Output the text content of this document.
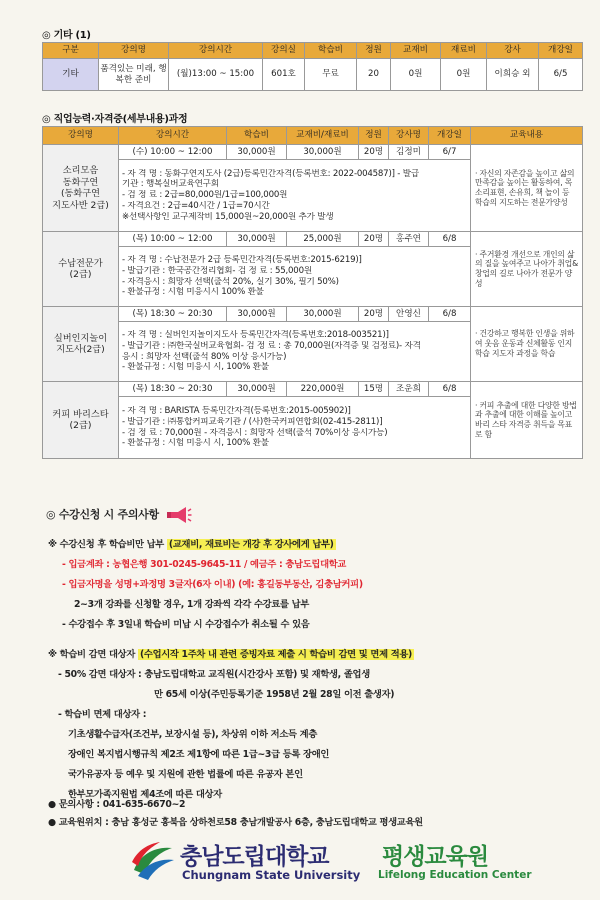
◎ 기타 (1)
구분	강의명	강의시간	강의실	학습비	정원	교재비	재료비	강사	개강일
기타	품격있는 미래, 행복한 준비	(월)13:00 ~ 15:00	601호	무료	20	0원	0원	이희승 외	6/5
◎ 직업능력·자격증(세부내용)과정
강의명	강의시간	학습비	교재비/재료비	정원	강사명	개강일	교육내용

소리모음
동화구연
(동화구연
지도사반 2급)	(수) 10:00 ~ 12:00	30,000원	30,000원	20명	김정미	6/7	· 자신의 자존감을 높이고 삶의 만족감을 높이는 활동하여, 목소리표현, 손유희, 책 놀이 등 학습의 지도하는 전문가양성

	- 자 격 명 : 동화구연지도사 (2급)등록민간자격(등록번호: 2022-004587)] - 발급
기관 : 행복실버교육연구회
- 검 정 료 : 2급=80,000원/1급=100,000원
- 자격요건 : 2급=40시간 / 1급=70시간
※선택사항인 교구제작비 15,000원~20,000원 추가 발생						

수납전문가
(2급)	(목) 10:00 ~ 12:00	30,000원	25,000원	20명	홍주연	6/8	· 주거환경 개선으로 개인의 삶의 질을 높여주고 나아가 취업& 창업의 길로 나아가 전문가 양성

	- 자 격 명 : 수납전문가 2급 등록민간자격(등록번호:2015-6219)]
- 발급기관 : 한국공간정리협회- 검 정 료 : 55,000원
- 자격응시 : 희망자 선택(출석 20%, 실기 30%, 필기 50%)
- 환불규정 : 시험 미응시시 100% 환불						

실버인지놀이
지도사(2급)	(목) 18:30 ~ 20:30	30,000원	30,000원	20명	안영신	6/8	· 건강하고 행복한 인생을 위하여 웃음 운동과 신체활동 인지학습 지도자 과정을 학습

	- 자 격 명 : 실버인지놀이지도사 등록민간자격(등록번호:2018-003521)]
- 발급기관 : ㈜한국실버교육협회- 검 정 료 : 총 70,000원(자격증 및 검정료)- 자격
응시 : 희망자 선택(출석 80% 이상 응시가능)
- 환불규정 : 시험 미응시 시, 100% 환불						

커피 바리스타
(2급)	(목) 18:30 ~ 20:30	30,000원	220,000원	15명	조운희	6/8	· 커피 추출에 대한 다양한 방법과 추출에 대한 이해를 높이고 바리 스타 자격증 취득을 목표로 함

	- 자 격 명 : BARISTA 등록민간자격(등록번호:2015-005902)]
- 발급기관 : ㈜통합커피교육기관 / (사)한국커피연합회(02-415-2811)]
- 검 정 료 : 70,000원 - 자격응시 : 희망자 선택(출석 70%이상 응시가능)
- 환불규정 : 시험 미응시 시, 100% 환불						
◎ 수강신청 시 주의사항
※ 수강신청 후 학습비만 납부 (교재비, 재료비는 개강 후 강사에게 납부)
- 입금계좌 : 농협은행 301-0245-9645-11 / 예금주 : 충남도립대학교
- 입금자명을 성명+과정명 3글자(6자 이내) (예: 홍길동부동산, 김충남커피)
2~3개 강좌를 신청할 경우, 1개 강좌씩 각각 수강료를 납부
- 수강접수 후 3일내 학습비 미납 시 수강접수가 취소될 수 있음
※ 학습비 감면 대상자 (수업시작 1주차 내 관련 증빙자료 제출 시 학습비 감면 및 면제 적용)
- 50% 감면 대상자 : 충남도립대학교 교직원(시간강사 포함) 및 재학생, 졸업생
만 65세 이상(주민등록기준 1958년 2월 28일 이전 출생자)
- 학습비 면제 대상자 :
기초생활수급자(조건부, 보장시설 등), 차상위 이하 저소득 계층
장애인 복지법시행규칙 제2조 제1항에 따른 1급~3급 등록 장애인
국가유공자 등 예우 및 지원에 관한 법률에 따른 유공자 본인
한부모가족지원법 제4조에 따른 대상자
● 문의사항 : 041-635-6670~2
● 교육원위치 : 충남 홍성군 홍북읍 상하천로58 충남개발공사 6층, 충남도립대학교 평생교육원
충남도립대학교
Chungnam State University
평생교육원
Lifelong Education Center
